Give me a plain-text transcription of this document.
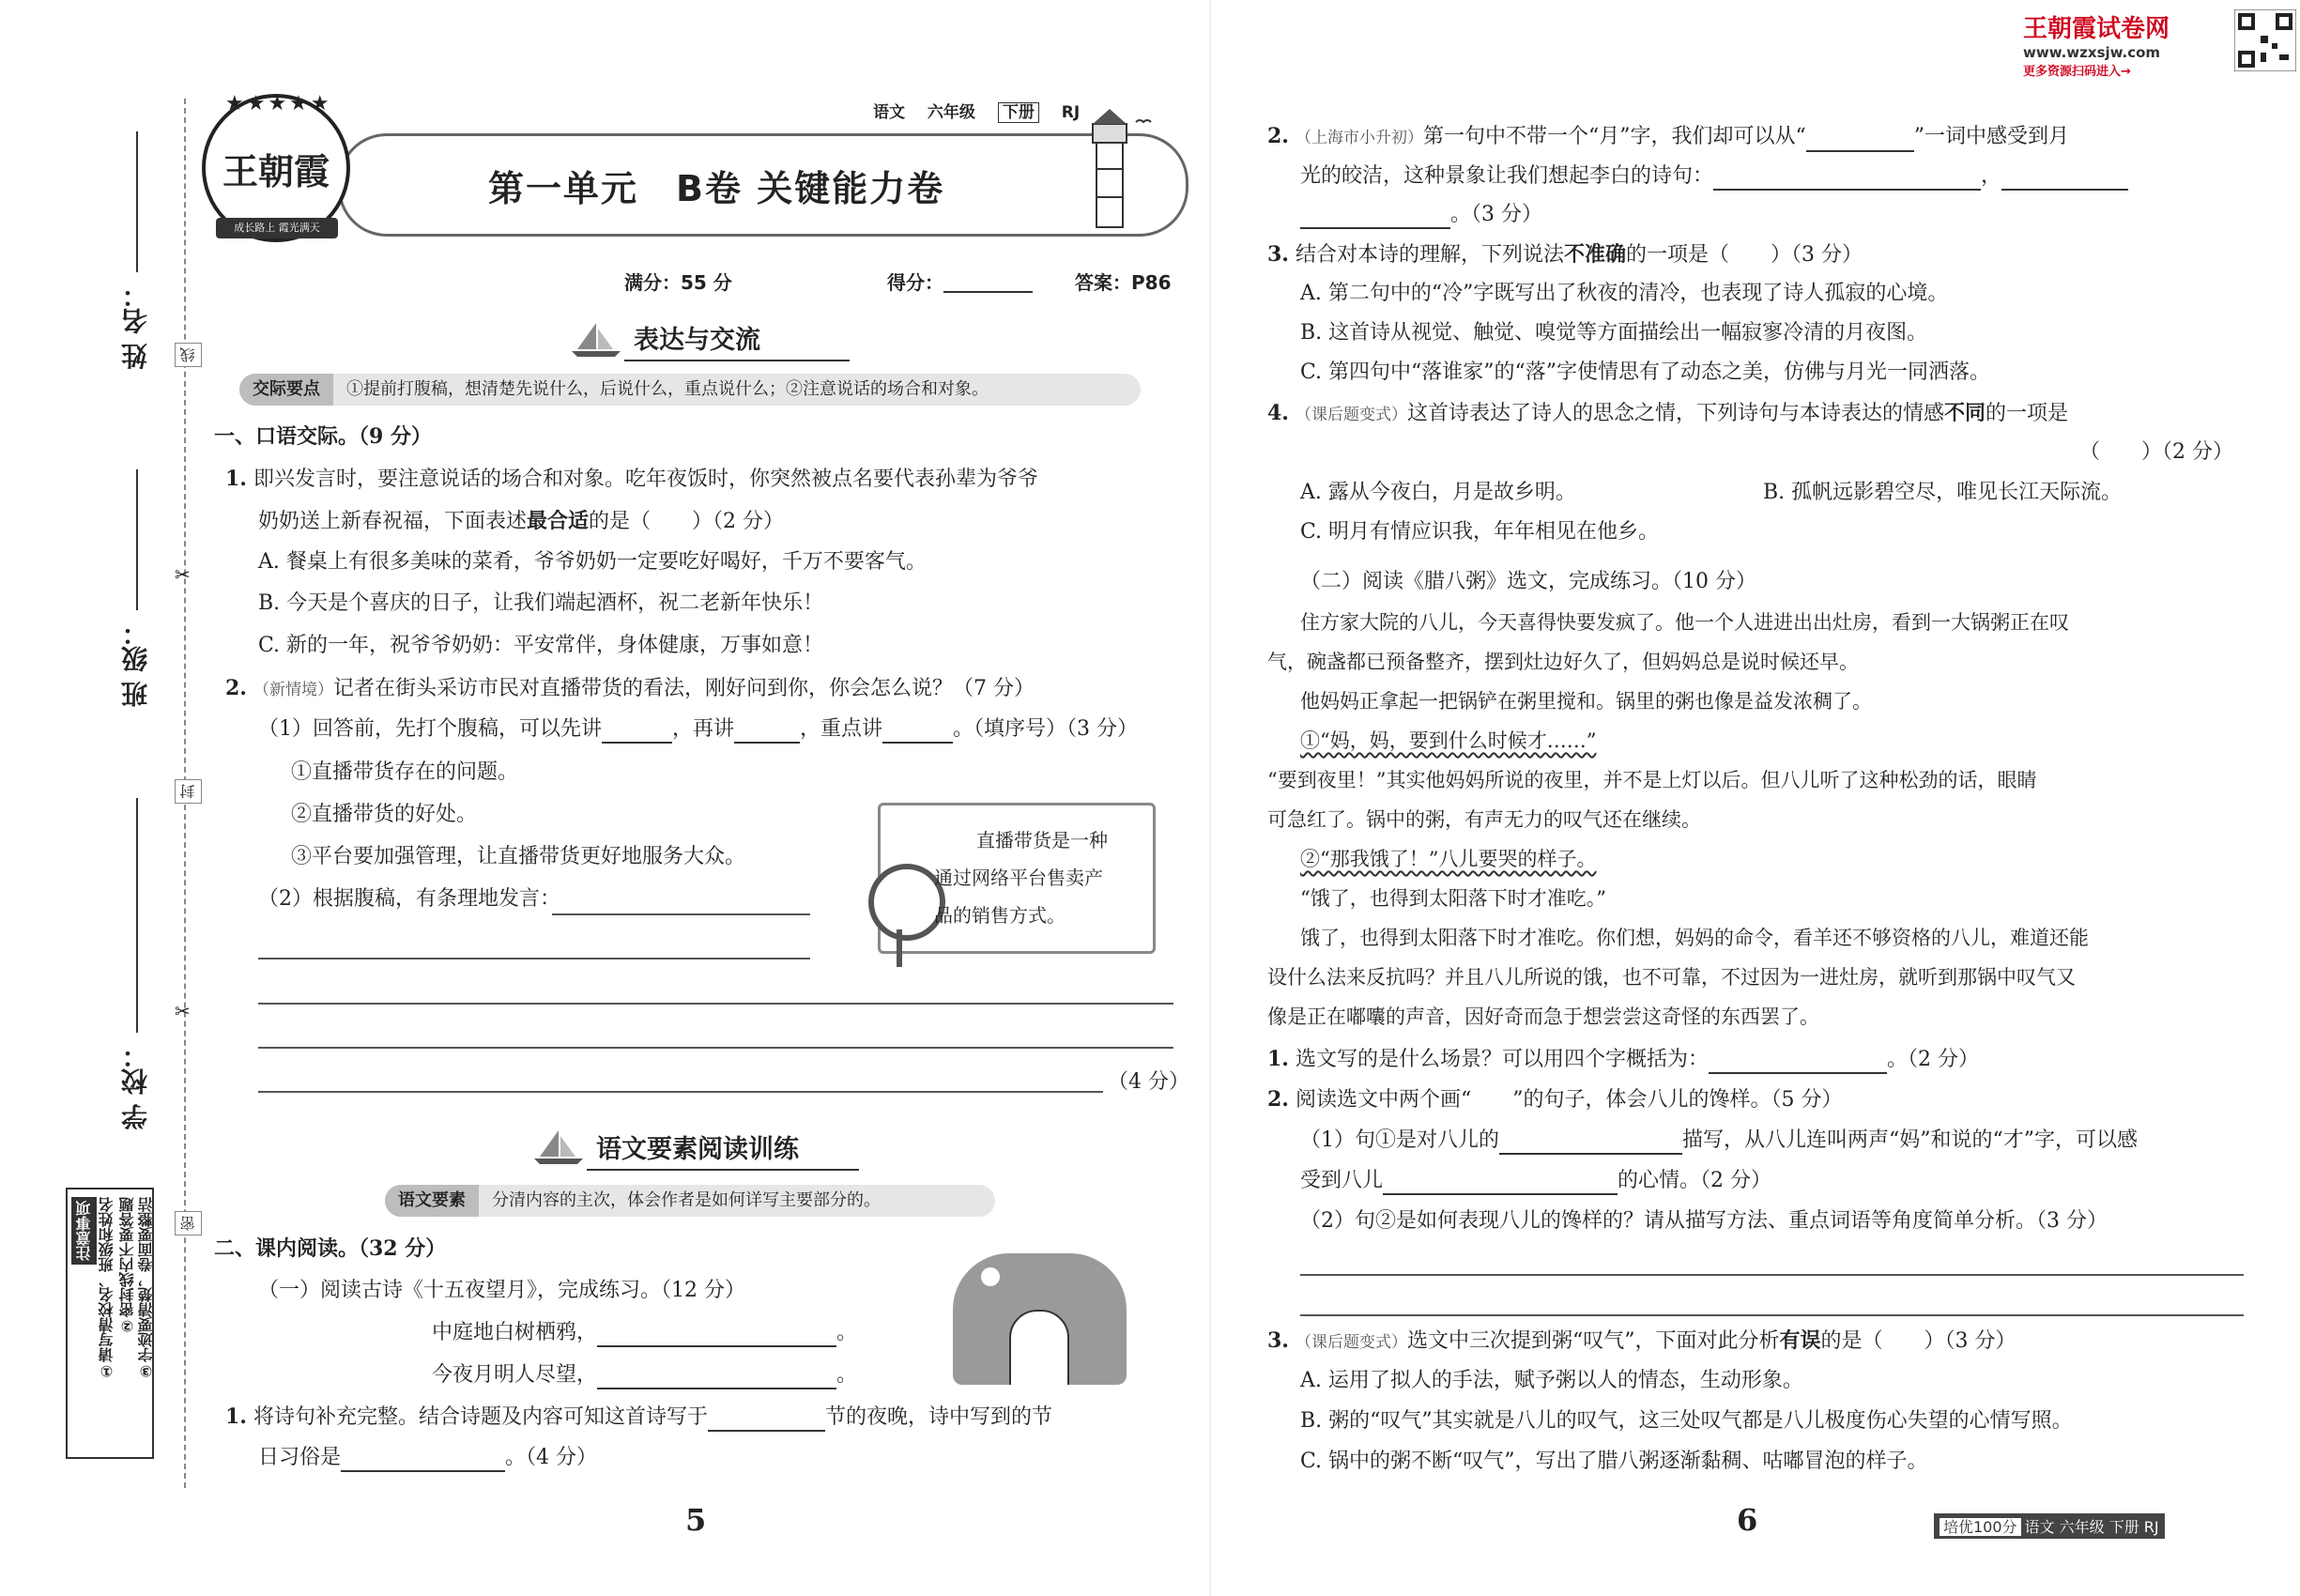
姓 名：
班 级：
学 校：
线
封
密
✂
✂
注意事项 ①请写清校名、班级和姓名 ②密封线内不要答题 ③字迹要清楚，卷面要整洁
王朝霞
★★★★★
成长路上 霞光满天
语文 六年级 下册 RJ
第一单元　B卷 关键能力卷
满分：55 分	得分：	答案：P86
表达与交流
交际要点 ①提前打腹稿，想清楚先说什么，后说什么，重点说什么；②注意说话的场合和对象。
一、口语交际。（9 分）
1. 即兴发言时，要注意说话的场合和对象。吃年夜饭时，你突然被点名要代表孙辈为爷爷
奶奶送上新春祝福，下面表述最合适的是（　　）（2 分）
A. 餐桌上有很多美味的菜肴，爷爷奶奶一定要吃好喝好，千万不要客气。
B. 今天是个喜庆的日子，让我们端起酒杯，祝二老新年快乐！
C. 新的一年，祝爷爷奶奶：平安常伴，身体健康，万事如意！
2. （新情境）记者在街头采访市民对直播带货的看法，刚好问到你，你会怎么说？（7 分）
（1）回答前，先打个腹稿，可以先讲	，再讲	，重点讲	。（填序号）（3 分）
①直播带货存在的问题。
②直播带货的好处。
③平台要加强管理，让直播带货更好地服务大众。
（2）根据腹稿，有条理地发言：
（4 分）
直播带货是一种
通过网络平台售卖产
品的销售方式。
语文要素阅读训练
语文要素 分清内容的主次，体会作者是如何详写主要部分的。
二、课内阅读。（32 分）
（一）阅读古诗《十五夜望月》，完成练习。（12 分）
中庭地白树栖鸦，	。
今夜月明人尽望，	。
1. 将诗句补充完整。结合诗题及内容可知这首诗写于	节的夜晚，诗中写到的节
日习俗是	。（4 分）
5
王朝霞试卷网
www.wzxsjw.com
更多资源扫码进入→
2. （上海市小升初）第一句中不带一个“月”字，我们却可以从“	”一词中感受到月
光的皎洁，这种景象让我们想起李白的诗句：	，
。（3 分）
3. 结合对本诗的理解，下列说法不准确的一项是（　　）（3 分）
A. 第二句中的“冷”字既写出了秋夜的清冷，也表现了诗人孤寂的心境。
B. 这首诗从视觉、触觉、嗅觉等方面描绘出一幅寂寥冷清的月夜图。
C. 第四句中“落谁家”的“落”字使情思有了动态之美，仿佛与月光一同洒落。
4. （课后题变式）这首诗表达了诗人的思念之情，下列诗句与本诗表达的情感不同的一项是
（　　）（2 分）
A. 露从今夜白，月是故乡明。	B. 孤帆远影碧空尽，唯见长江天际流。
C. 明月有情应识我，年年相见在他乡。
（二）阅读《腊八粥》选文，完成练习。（10 分）
住方家大院的八儿，今天喜得快要发疯了。他一个人进进出出灶房，看到一大锅粥正在叹
气，碗盏都已预备整齐，摆到灶边好久了，但妈妈总是说时候还早。
他妈妈正拿起一把锅铲在粥里搅和。锅里的粥也像是益发浓稠了。
①“妈，妈，要到什么时候才……”
“要到夜里！”其实他妈妈所说的夜里，并不是上灯以后。但八儿听了这种松劲的话，眼睛
可急红了。锅中的粥，有声无力的叹气还在继续。
②“那我饿了！”八儿要哭的样子。
“饿了，也得到太阳落下时才准吃。”
饿了，也得到太阳落下时才准吃。你们想，妈妈的命令，看羊还不够资格的八儿，难道还能
设什么法来反抗吗？并且八儿所说的饿，也不可靠，不过因为一进灶房，就听到那锅中叹气又
像是正在嘟囔的声音，因好奇而急于想尝尝这奇怪的东西罢了。
1. 选文写的是什么场景？可以用四个字概括为：	。（2 分）
2. 阅读选文中两个画“　　”的句子，体会八儿的馋样。（5 分）
（1）句①是对八儿的	描写，从八儿连叫两声“妈”和说的“才”字，可以感
受到八儿	的心情。（2 分）
（2）句②是如何表现八儿的馋样的？请从描写方法、重点词语等角度简单分析。（3 分）
3. （课后题变式）选文中三次提到粥“叹气”，下面对此分析有误的是（　　）（3 分）
A. 运用了拟人的手法，赋予粥以人的情态，生动形象。
B. 粥的“叹气”其实就是八儿的叹气，这三处叹气都是八儿极度伤心失望的心情写照。
C. 锅中的粥不断“叹气”，写出了腊八粥逐渐黏稠、咕嘟冒泡的样子。
6	培优100分 语文 六年级 下册 RJ
